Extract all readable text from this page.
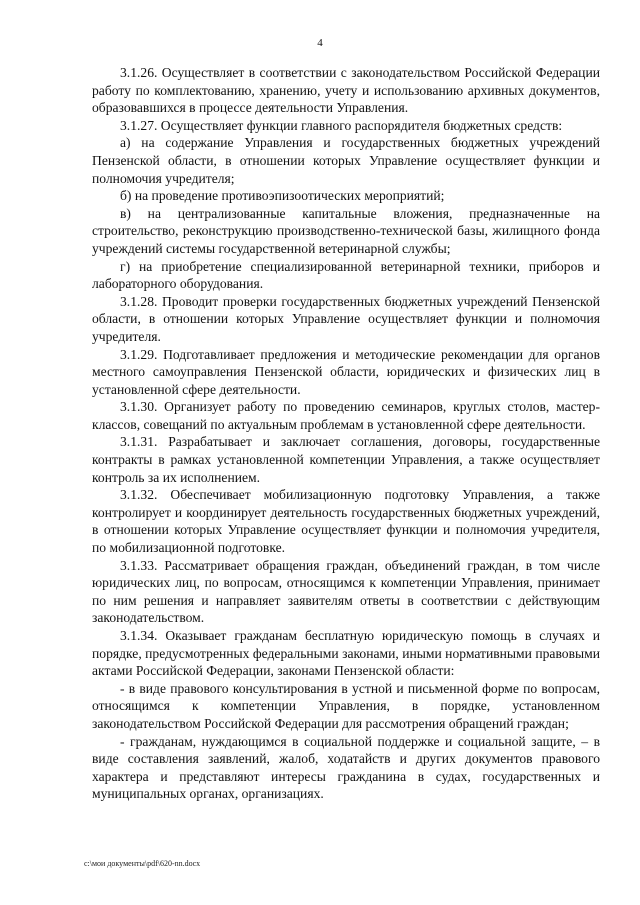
4

3.1.26. Осуществляет в соответствии с законодательством Российской Федерации работу по комплектованию, хранению, учету и использованию архивных документов, образовавшихся в процессе деятельности Управления.

3.1.27. Осуществляет функции главного распорядителя бюджетных средств:

а) на содержание Управления и государственных бюджетных учреждений Пензенской области, в отношении которых Управление осуществляет функции и полномочия учредителя;

б) на проведение противоэпизоотических мероприятий;

в) на централизованные капитальные вложения, предназначенные на строительство, реконструкцию производственно-технической базы, жилищного фонда учреждений системы государственной ветеринарной службы;

г) на приобретение специализированной ветеринарной техники, приборов и лабораторного оборудования.

3.1.28. Проводит проверки государственных бюджетных учреждений Пензенской области, в отношении которых Управление осуществляет функции и полномочия учредителя.

3.1.29. Подготавливает предложения и методические рекомендации для органов местного самоуправления Пензенской области, юридических и физических лиц в установленной сфере деятельности.

3.1.30. Организует работу по проведению семинаров, круглых столов, мастер-классов, совещаний по актуальным проблемам в установленной сфере деятельности.

3.1.31. Разрабатывает и заключает соглашения, договоры, государственные контракты в рамках установленной компетенции Управления, а также осуществляет контроль за их исполнением.

3.1.32. Обеспечивает мобилизационную подготовку Управления, а также контролирует и координирует деятельность государственных бюджетных учреждений, в отношении которых Управление осуществляет функции и полномочия учредителя, по мобилизационной подготовке.

3.1.33. Рассматривает обращения граждан, объединений граждан, в том числе юридических лиц, по вопросам, относящимся к компетенции Управления, принимает по ним решения и направляет заявителям ответы в соответствии с действующим законодательством.

3.1.34. Оказывает гражданам бесплатную юридическую помощь в случаях и порядке, предусмотренных федеральными законами, иными нормативными правовыми актами Российской Федерации, законами Пензенской области:

- в виде правового консультирования в устной и письменной форме по вопросам, относящимся к компетенции Управления, в порядке, установленном законодательством Российской Федерации для рассмотрения обращений граждан;

- гражданам, нуждающимся в социальной поддержке и социальной защите, – в виде составления заявлений, жалоб, ходатайств и других документов правового характера и представляют интересы гражданина в судах, государственных и муниципальных органах, организациях.

c:\мои документы\pdf\620-nn.docx
